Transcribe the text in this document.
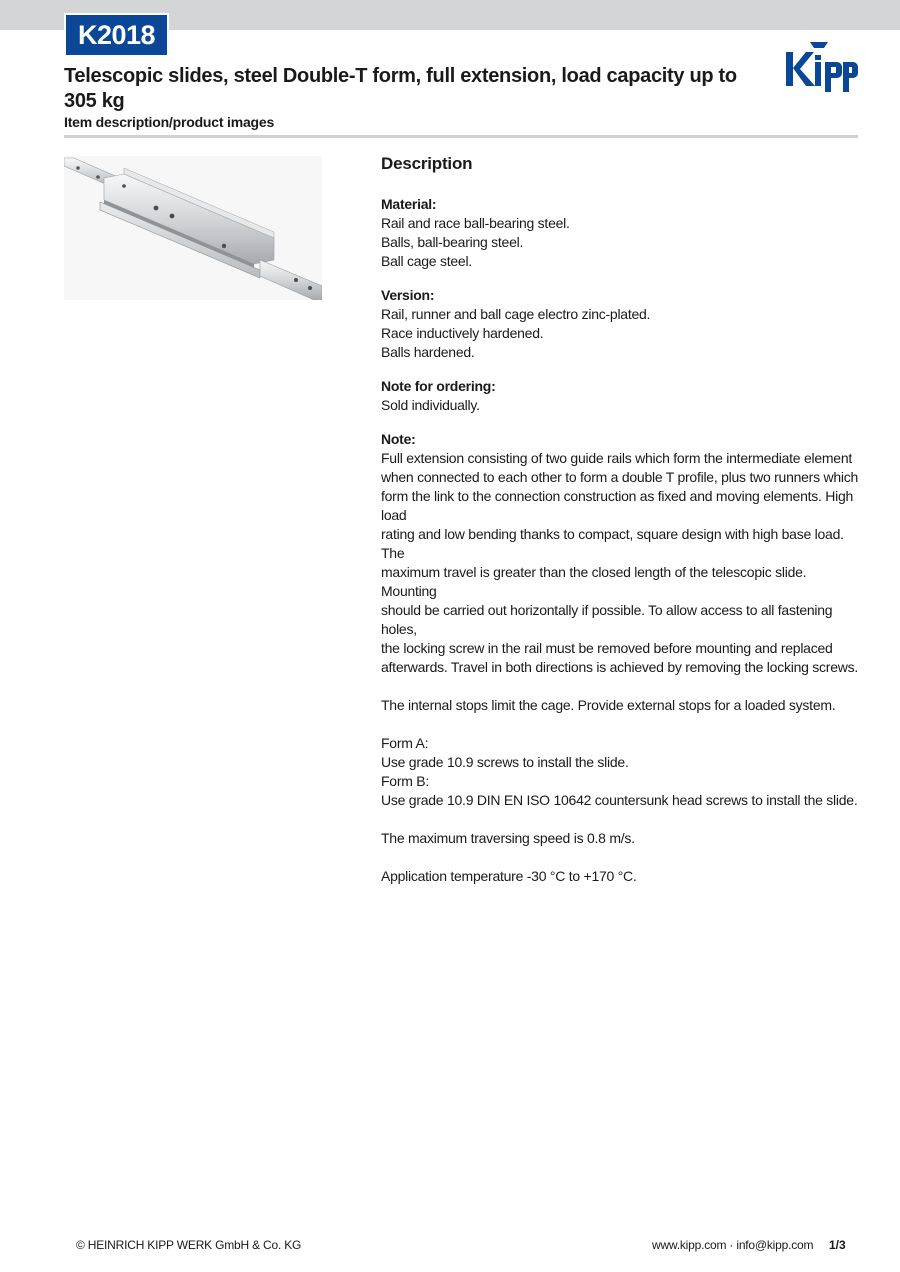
K2018
Telescopic slides, steel Double-T form, full extension, load capacity up to 305 kg
Item description/product images
Description
Material:
Rail and race ball-bearing steel.
Balls, ball-bearing steel.
Ball cage steel.
Version:
Rail, runner and ball cage electro zinc-plated.
Race inductively hardened.
Balls hardened.
Note for ordering:
Sold individually.
Note:
Full extension consisting of two guide rails which form the intermediate element
when connected to each other to form a double T profile, plus two runners which
form the link to the connection construction as fixed and moving elements. High load
rating and low bending thanks to compact, square design with high base load. The
maximum travel is greater than the closed length of the telescopic slide. Mounting
should be carried out horizontally if possible. To allow access to all fastening holes,
the locking screw in the rail must be removed before mounting and replaced
afterwards. Travel in both directions is achieved by removing the locking screws.
The internal stops limit the cage. Provide external stops for a loaded system.
Form A:
Use grade 10.9 screws to install the slide.
Form B:
Use grade 10.9 DIN EN ISO 10642 countersunk head screws to install the slide.
The maximum traversing speed is 0.8 m/s.
Application temperature -30 °C to +170 °C.
© HEINRICH KIPP WERK GmbH & Co. KG	www.kipp.com · info@kipp.com 1/3
